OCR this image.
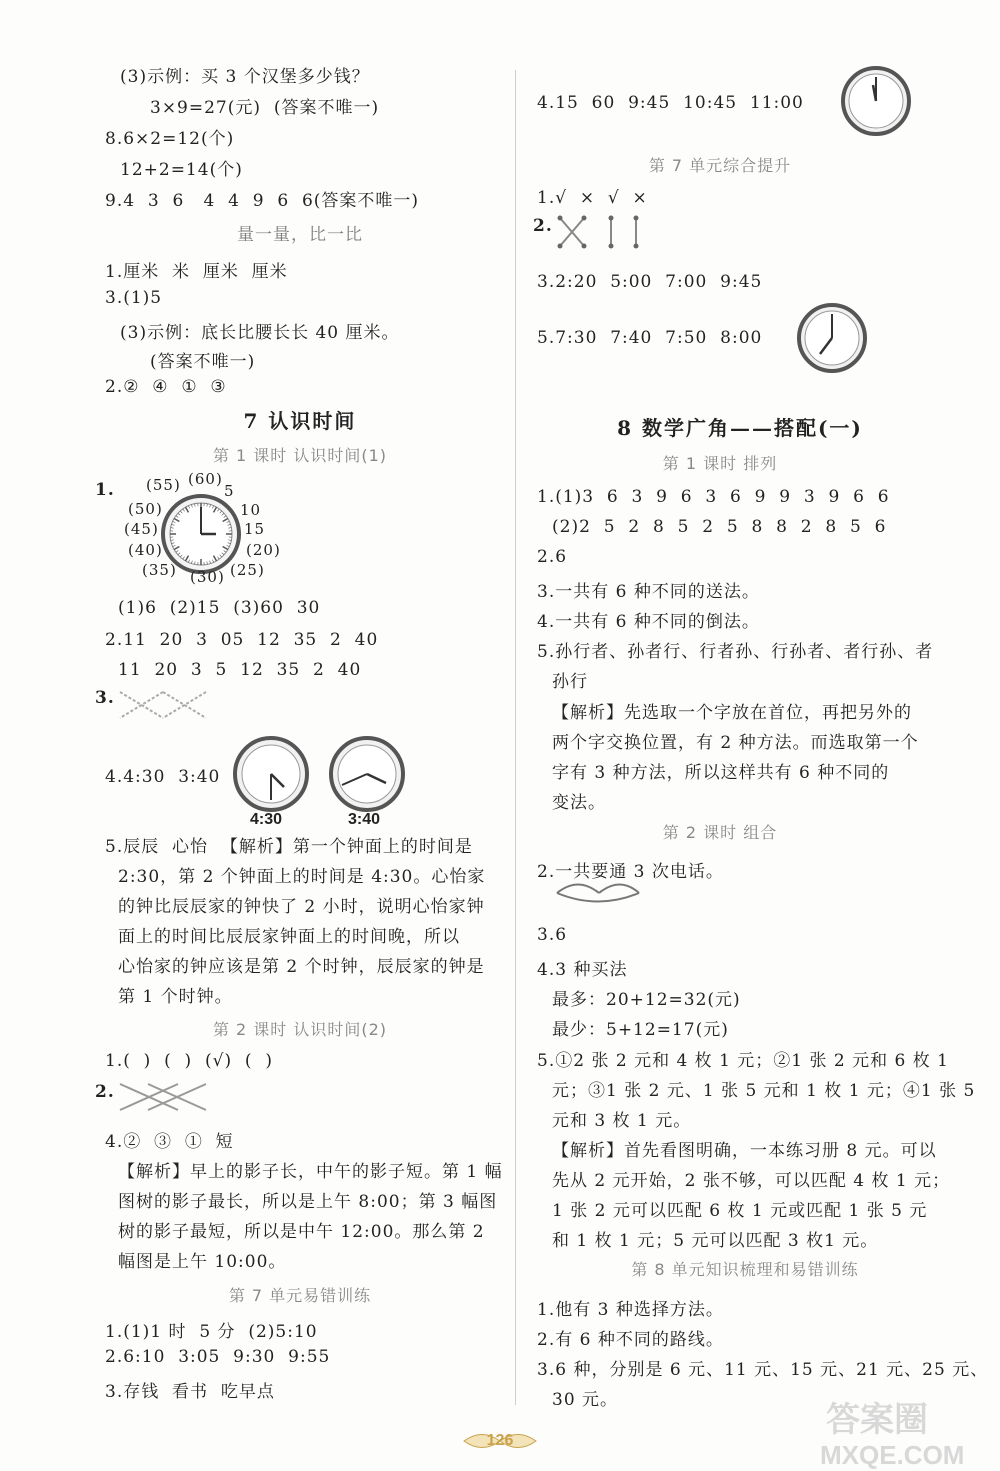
(3)示例：买 3 个汉堡多少钱？
3×9=27(元)  (答案不唯一)
8.6×2=12(个)
12+2=14(个)
9.4  3  6   4  4  9  6  6(答案不唯一)
1.厘米  米  厘米  厘米
3.(1)5
(3)示例：底长比腰长长 40 厘米。
(答案不唯一)
2.②  ④  ①  ③
(1)6  (2)15  (3)60  30
2.11  20  3  05  12  35  2  40
11  20  3  5  12  35  2  40
4.4:30  3:40
5.辰辰  心怡  【解析】第一个钟面上的时间是
2:30，第 2 个钟面上的时间是 4:30。心怡家
的钟比辰辰家的钟快了 2 小时，说明心怡家钟
面上的时间比辰辰家钟面上的时间晚，所以
心怡家的钟应该是第 2 个时钟，辰辰家的钟是
第 1 个时钟。
1.(  )  (  )  (√)  (  )
4.②  ③  ①  短
【解析】早上的影子长，中午的影子短。第 1 幅
图树的影子最长，所以是上午 8:00；第 3 幅图
树的影子最短，所以是中午 12:00。那么第 2
幅图是上午 10:00。
1.(1)1 时  5 分  (2)5:10
2.6:10  3:05  9:30  9:55
3.存钱  看书  吃早点
4.15  60  9:45  10:45  11:00
1.√  ×  √  ×
3.2:20  5:00  7:00  9:45
5.7:30  7:40  7:50  8:00
1.(1)3  6  3  9  6  3  6  9  9  3  9  6  6
(2)2  5  2  8  5  2  5  8  8  2  8  5  6
2.6
3.一共有 6 种不同的送法。
4.一共有 6 种不同的倒法。
5.孙行者、孙者行、行者孙、行孙者、者行孙、者
孙行
【解析】先选取一个字放在首位，再把另外的
两个字交换位置，有 2 种方法。而选取第一个
字有 3 种方法，所以这样共有 6 种不同的
变法。
2.一共要通 3 次电话。
3.6
4.3 种买法
最多：20+12=32(元)
最少：5+12=17(元)
5.①2 张 2 元和 4 枚 1 元；②1 张 2 元和 6 枚 1
元；③1 张 2 元、1 张 5 元和 1 枚 1 元；④1 张 5
元和 3 枚 1 元。
【解析】首先看图明确，一本练习册 8 元。可以
先从 2 元开始，2 张不够，可以匹配 4 枚 1 元；
1 张 2 元可以匹配 6 枚 1 元或匹配 1 张 5 元
和 1 枚 1 元；5 元可以匹配 3 枚1 元。
1.他有 3 种选择方法。
2.有 6 种不同的路线。
3.6 种，分别是 6 元、11 元、15 元、21 元、25 元、
30 元。
量一量，比一比
7 认识时间
第 1 课时 认识时间(1)
第 2 课时 认识时间(2)
第 7 单元易错训练
第 7 单元综合提升
8 数学广角——搭配(一)
第 1 课时 排列
第 2 课时 组合
第 8 单元知识梳理和易错训练
1.
3.
2.
2.
(55) (60)
5
(50)	10
(45)	15
(40)	(20)
(35) (30) (25)
4:30	3:40
126
答案圈
MXQE.COM
